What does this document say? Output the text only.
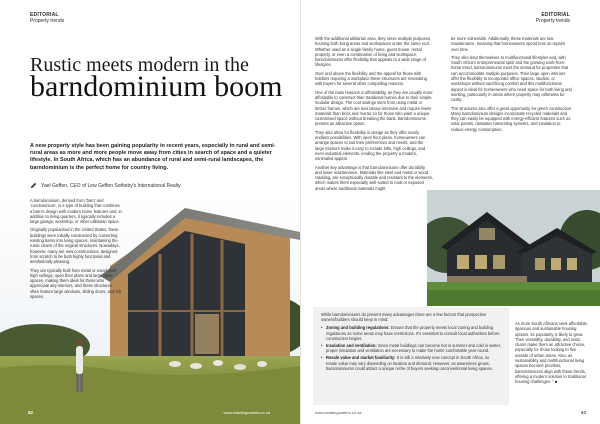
62	www.estatingmaters.co.za
EDITORIAL
Property trends
Rustic meets modern in the
barndominium boom
A new property style has been gaining popularity in recent years, especially in rural and semi-rural areas as more and more people move away from cities in search of space and a quieter lifestyle. In South Africa, which has an abundance of rural and semi-rural landscapes, the barndominium is the perfect home for country living.
Yael Geffen, CEO of Lew Geffen Sotheby's International Realty

A barndominium, derived from 'barn' and 'condominium', is a type of building that combines a barn's design with modern home features and, in addition to living quarters, it typically includes a large garage, workshop, or other utilitarian space.

Originally popularised in the United States, these buildings were initially constructed by converting existing barns into living spaces, maintaining the rustic charm of the original structures. Nowadays, however, many are new constructions, designed from scratch to be both highly functional and aesthetically pleasing.

They are typically built from metal or wood, with high ceilings, open floor plans and large open spaces, making them ideal for those who appreciate airy interiors, and these structures often feature large windows, sliding doors, and loft spaces.

EDITORIAL
Property trends

With the additional utilitarian area, they serve multiple purposes, housing both living areas and workspaces under the same roof. Whether used as a single-family home, guest house, rental property, or even a combination of living and workspace, barndominiums offer flexibility that appeals to a wide range of lifestyles.

Over and above the flexibility and the appeal for those with hobbies requiring a workplace these structures are resonating with buyers for several other compelling reasons.

One of the main reasons is affordability, as they are usually more affordable to construct than traditional homes due to their simple, modular design. The cost savings stem from using metal or timber frames, which are less labour-intensive and require fewer materials than brick and mortar so for those who want a unique, customised space without breaking the bank, barndominiums present an attractive option.

They also allow for flexibility in design as they offer nearly endless possibilities. With open floor plans, homeowners can arrange spaces to suit their preferences and needs, and the large interiors make it easy to include lofts, high ceilings, and even industrial elements, lending the property a modern, minimalist appeal.

Another key advantage is that barndominiums offer durability and lower maintenance. Materials like steel and metal or wood cladding, are exceptionally durable and resistant to the elements, which makes them especially well-suited to rural or exposed areas where traditional materials might

be more vulnerable. Additionally, these materials are low-maintenance, meaning that homeowners spend less on repairs over time.

They also lend themselves to multifunctional lifestyles and, with South Africa's entrepreneurial spirit and the growing work-from-home trend, barndominiums meet the demand for properties that can accommodate multiple purposes. Their large open interiors offer the flexibility to incorporate office spaces, studios, or workshops without sacrificing comfort and this multifunctional aspect is ideal for homeowners who need space for both living and working, particularly in areas where property may otherwise be costly.

The structures also offer a great opportunity for green construction. Many barndominium designs incorporate recycled materials and they can easily be equipped with energy-efficient features such as solar panels, rainwater harvesting systems, and insulation to reduce energy consumption.

While barndominiums do present many advantages there are a few factors that prospective owners/builders should keep in mind:
• Zoning and building regulations: Ensure that the property meets local zoning and building regulations as some areas may have restrictions. It's essential to consult local authorities before construction begins.
• Insulation and ventilation: Since metal buildings can become hot in summer and cold in winter, proper insulation and ventilation are necessary to make the home comfortable year-round.
• Resale value and market familiarity: It is still a relatively new concept in South Africa, so resale value may vary depending on location and demand. However, as awareness grows, barndominiums could attract a unique niche of buyers seeking unconventional living spaces.

As more South Africans seek affordable, spacious and sustainable housing options, its popularity is likely to grow. Their versatility, durability, and rustic charm make them an attractive choice, especially for those looking to live outside of urban areas. Also, as sustainability and multifunctional living spaces become priorities, barndominiums align with these trends, offering a modern solution to traditional housing challenges. " ■

www.estatingmaters.co.za	63
